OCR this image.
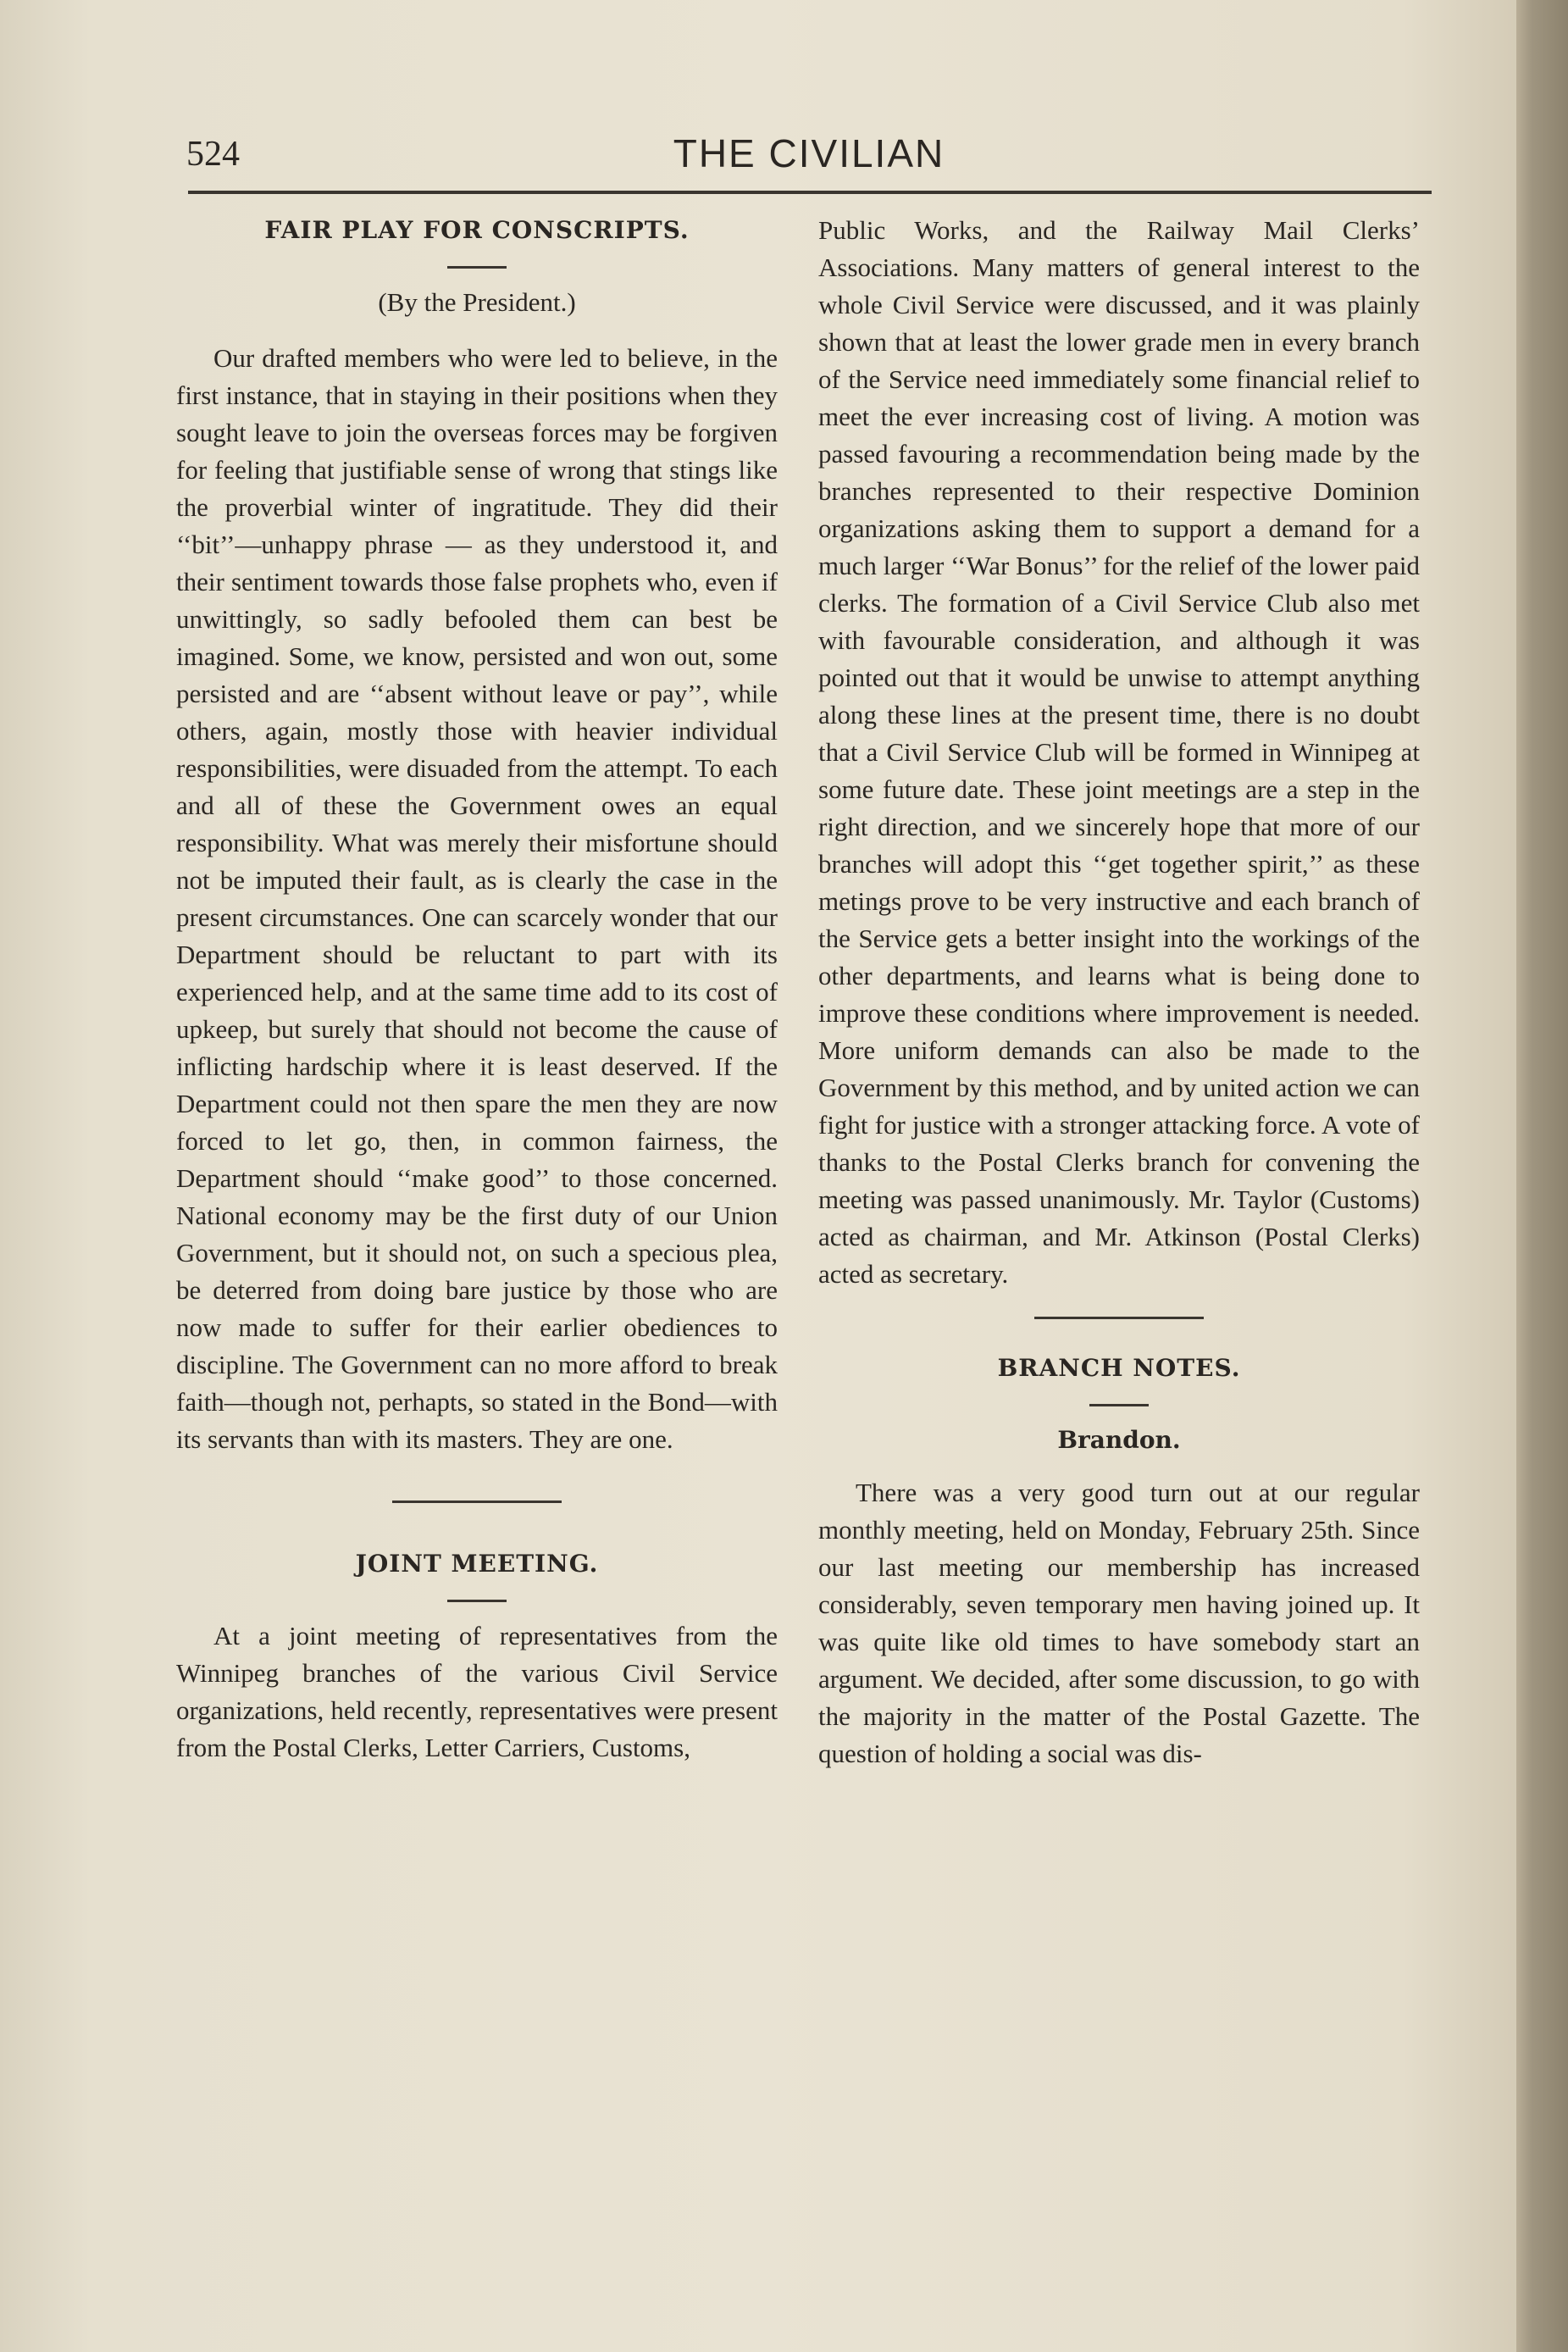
524	THE CIVILIAN
FAIR PLAY FOR CONSCRIPTS.

(By the President.)

Our drafted members who were led to believe, in the first instance, that in staying in their positions when they sought leave to join the overseas forces may be forgiven for feeling that justifiable sense of wrong that stings like the proverbial winter of ingratitude. They did their ‘‘bit’’—unhappy phrase — as they understood it, and their sentiment towards those false prophets who, even if unwittingly, so sadly befooled them can best be imagined. Some, we know, persisted and won out, some persisted and are ‘‘absent without leave or pay’’, while others, again, mostly those with heavier individual responsibilities, were disuaded from the attempt. To each and all of these the Government owes an equal responsibility. What was merely their misfortune should not be imputed their fault, as is clearly the case in the present circumstances. One can scarcely wonder that our Department should be reluctant to part with its experienced help, and at the same time add to its cost of upkeep, but surely that should not become the cause of inflicting hardschip where it is least deserved. If the Department could not then spare the men they are now forced to let go, then, in common fairness, the Department should ‘‘make good’’ to those concerned. National economy may be the first duty of our Union Government, but it should not, on such a specious plea, be deterred from doing bare justice by those who are now made to suffer for their earlier obediences to discipline. The Government can no more afford to break faith—though not, perhapts, so stated in the Bond—with its servants than with its masters. They are one.

JOINT MEETING.

At a joint meeting of representatives from the Winnipeg branches of the various Civil Service organizations, held recently, representatives were present from the Postal Clerks, Letter Carriers, Customs,

Public Works, and the Railway Mail Clerks’ Associations. Many matters of general interest to the whole Civil Service were discussed, and it was plainly shown that at least the lower grade men in every branch of the Service need immediately some financial relief to meet the ever increasing cost of living. A motion was passed favouring a recommendation being made by the branches represented to their respective Dominion organizations asking them to support a demand for a much larger ‘‘War Bonus’’ for the relief of the lower paid clerks. The formation of a Civil Service Club also met with favourable consideration, and although it was pointed out that it would be unwise to attempt anything along these lines at the present time, there is no doubt that a Civil Service Club will be formed in Winnipeg at some future date. These joint meetings are a step in the right direction, and we sincerely hope that more of our branches will adopt this ‘‘get together spirit,’’ as these metings prove to be very instructive and each branch of the Service gets a better insight into the workings of the other departments, and learns what is being done to improve these conditions where improvement is needed. More uniform demands can also be made to the Government by this method, and by united action we can fight for justice with a stronger attacking force. A vote of thanks to the Postal Clerks branch for convening the meeting was passed unanimously. Mr. Taylor (Customs) acted as chairman, and Mr. Atkinson (Postal Clerks) acted as secretary.

BRANCH NOTES.
Brandon.

There was a very good turn out at our regular monthly meeting, held on Monday, February 25th. Since our last meeting our membership has increased considerably, seven temporary men having joined up. It was quite like old times to have somebody start an argument. We decided, after some discussion, to go with the majority in the matter of the Postal Gazette. The question of holding a social was dis-
